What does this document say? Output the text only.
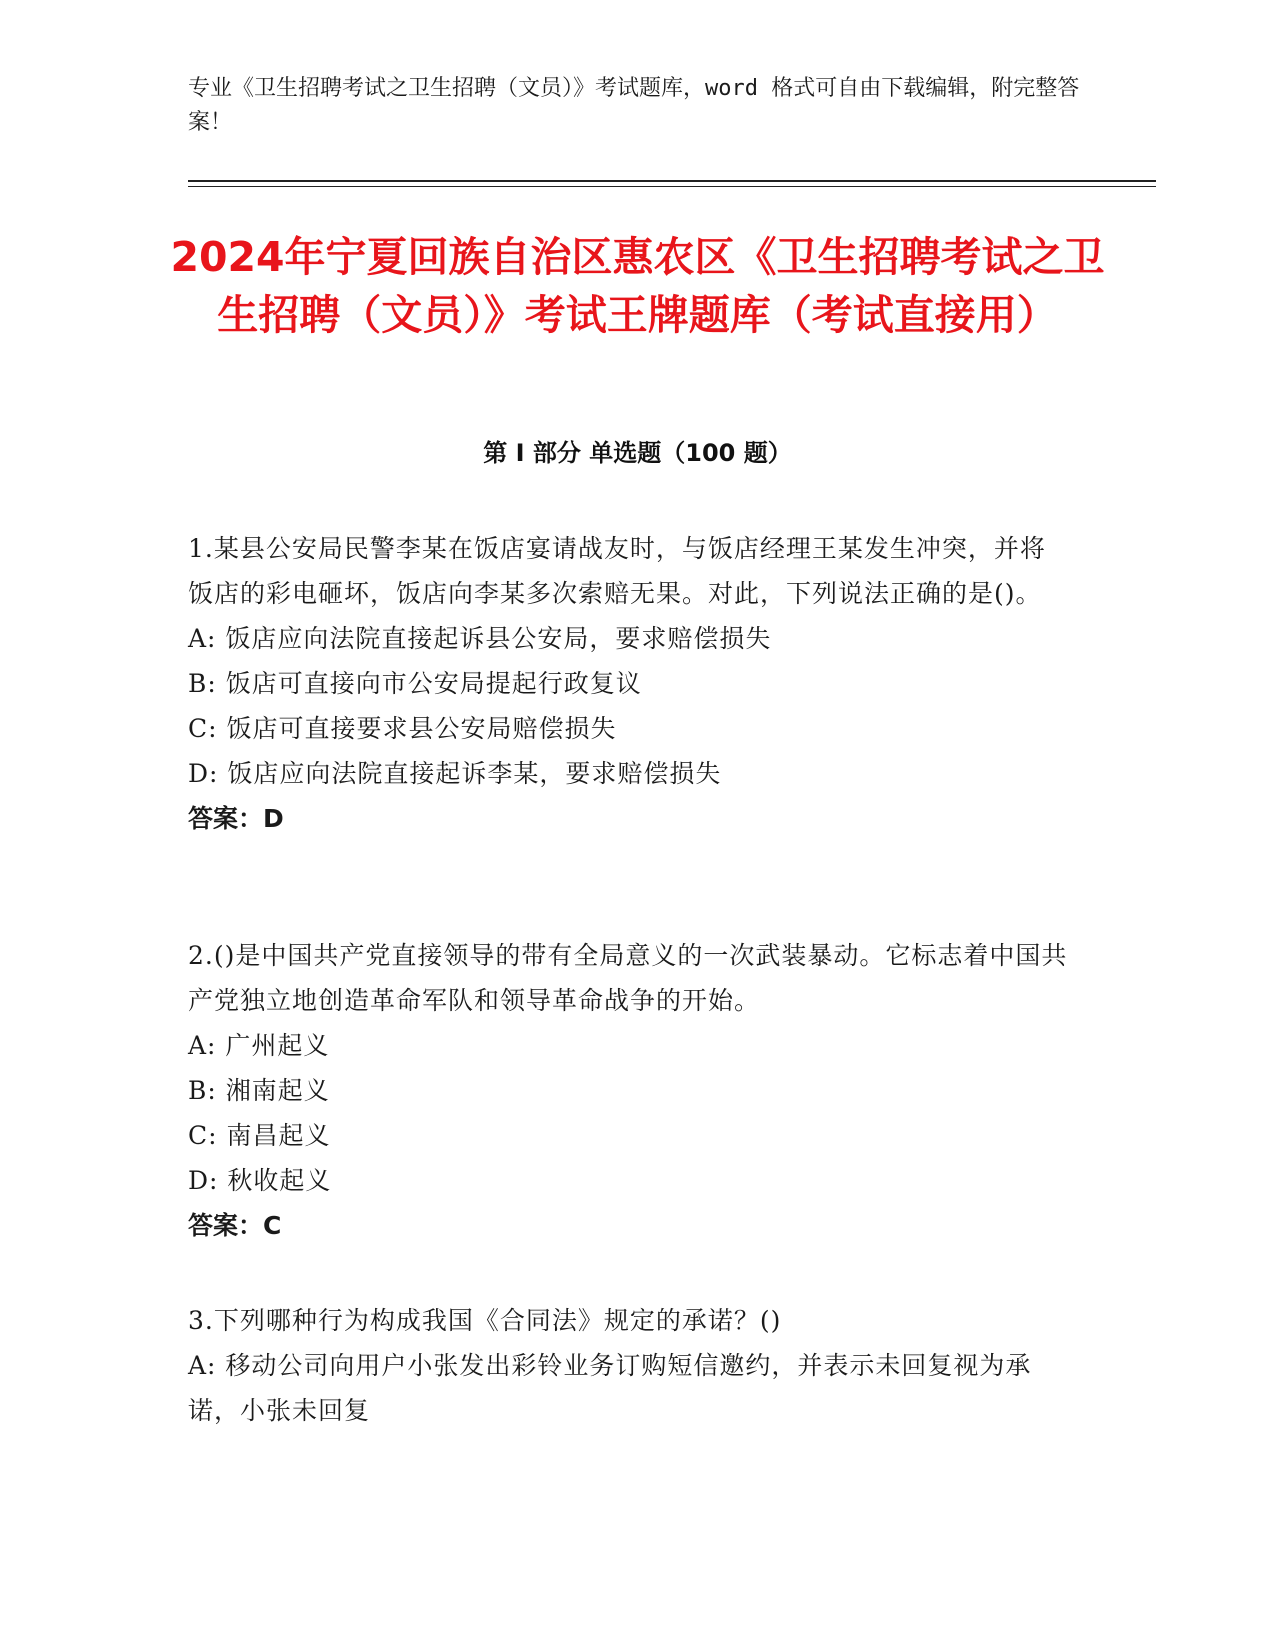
专业《卫生招聘考试之卫生招聘（文员）》考试题库，word 格式可自由下载编辑，附完整答案！
2024年宁夏回族自治区惠农区《卫生招聘考试之卫生招聘（文员）》考试王牌题库（考试直接用）
第 I 部分 单选题（100 题）
1.某县公安局民警李某在饭店宴请战友时，与饭店经理王某发生冲突，并将饭店的彩电砸坏，饭店向李某多次索赔无果。对此，下列说法正确的是()。
A: 饭店应向法院直接起诉县公安局，要求赔偿损失
B: 饭店可直接向市公安局提起行政复议
C: 饭店可直接要求县公安局赔偿损失
D: 饭店应向法院直接起诉李某，要求赔偿损失
答案：D
2.()是中国共产党直接领导的带有全局意义的一次武装暴动。它标志着中国共产党独立地创造革命军队和领导革命战争的开始。
A: 广州起义
B: 湘南起义
C: 南昌起义
D: 秋收起义
答案：C
3.下列哪种行为构成我国《合同法》规定的承诺？()
A: 移动公司向用户小张发出彩铃业务订购短信邀约，并表示未回复视为承诺，小张未回复
